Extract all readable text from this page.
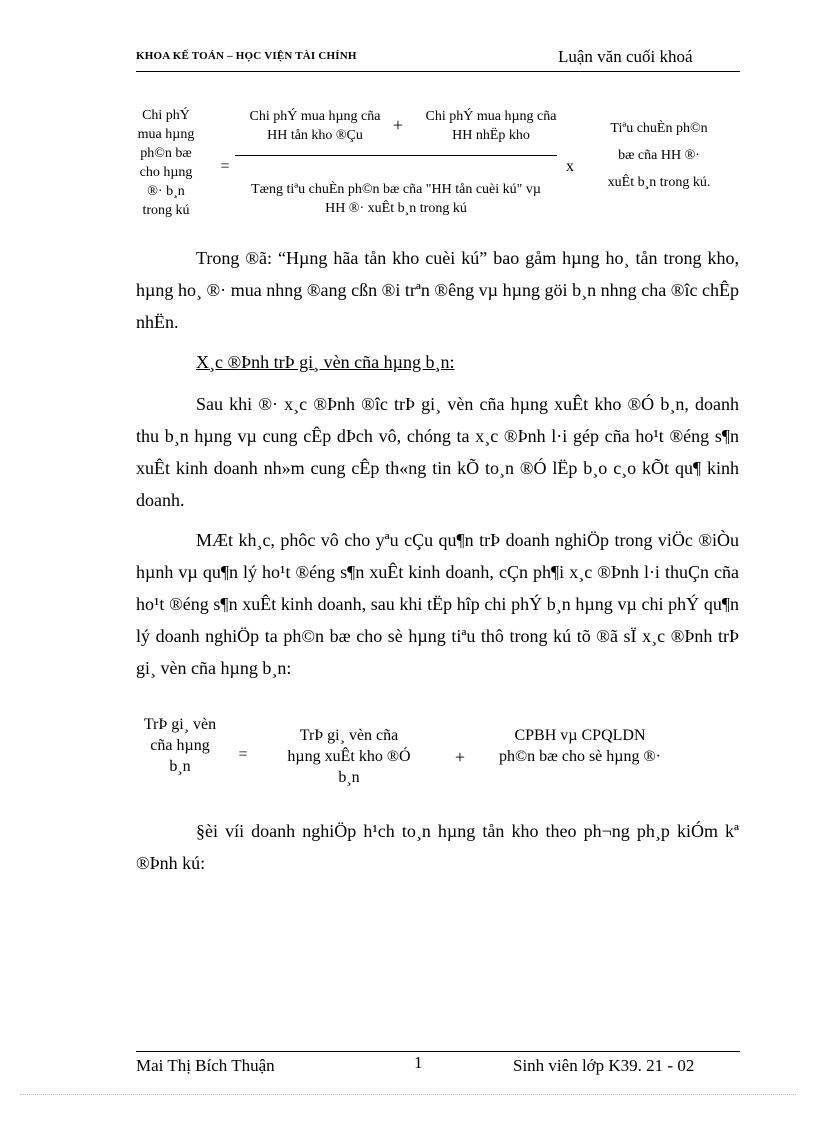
KHOA KẾ TOÁN – HỌC VIỆN TÀI CHÍNH	Luận văn cuối khoá
Chi phÝ mua hµng ph©n bæ cho hµng ®· b¸n trong kú
=
Chi phÝ mua hµng cña HH tån kho ®Çu
+	Chi phÝ mua hµng cña HH nhËp kho
Tæng tiªu chuÈn ph©n bæ cña "HH tån cuèi kú" vµ HH ®· xuÊt b¸n trong kú
x
Tiªu chuÈn ph©n bæ cña HH ®· xuÊt b¸n trong kú.
Trong ®ã: “Hµng hãa tån kho cuèi kú” bao gåm hµng ho¸ tån trong kho, hµng ho¸ ®· mua nhng ®ang cßn ®i trªn ®êng vµ hµng göi b¸n nhng cha ®îc chÊp nhËn.
X¸c ®Þnh trÞ gi¸ vèn cña hµng b¸n:
Sau khi ®· x¸c ®Þnh ®îc trÞ gi¸ vèn cña hµng xuÊt kho ®Ó b¸n, doanh thu b¸n hµng vµ cung cÊp dÞch vô, chóng ta x¸c ®Þnh l·i gép cña ho¹t ®éng s¶n xuÊt kinh doanh nh»m cung cÊp th«ng tin kÕ to¸n ®Ó lËp b¸o c¸o kÕt qu¶ kinh doanh.
MÆt kh¸c, phôc vô cho yªu cÇu qu¶n trÞ doanh nghiÖp trong viÖc ®iÒu hµnh vµ qu¶n lý ho¹t ®éng s¶n xuÊt kinh doanh, cÇn ph¶i x¸c ®Þnh l·i thuÇn cña ho¹t ®éng s¶n xuÊt kinh doanh, sau khi tËp hîp chi phÝ b¸n hµng vµ chi phÝ qu¶n lý doanh nghiÖp ta ph©n bæ cho sè hµng tiªu thô trong kú tõ ®ã sÏ x¸c ®Þnh trÞ gi¸ vèn cña hµng b¸n:
TrÞ gi¸ vèn cña hµng b¸n
=
TrÞ gi¸ vèn cña hµng xuÊt kho ®Ó b¸n
+
CPBH vµ CPQLDN ph©n bæ cho sè hµng ®·
§èi víi doanh nghiÖp h¹ch to¸n hµng tån kho theo ph¬ng ph¸p kiÓm kª ®Þnh kú:
Mai Thị Bích Thuận	1	Sinh viên lớp K39. 21 - 02
